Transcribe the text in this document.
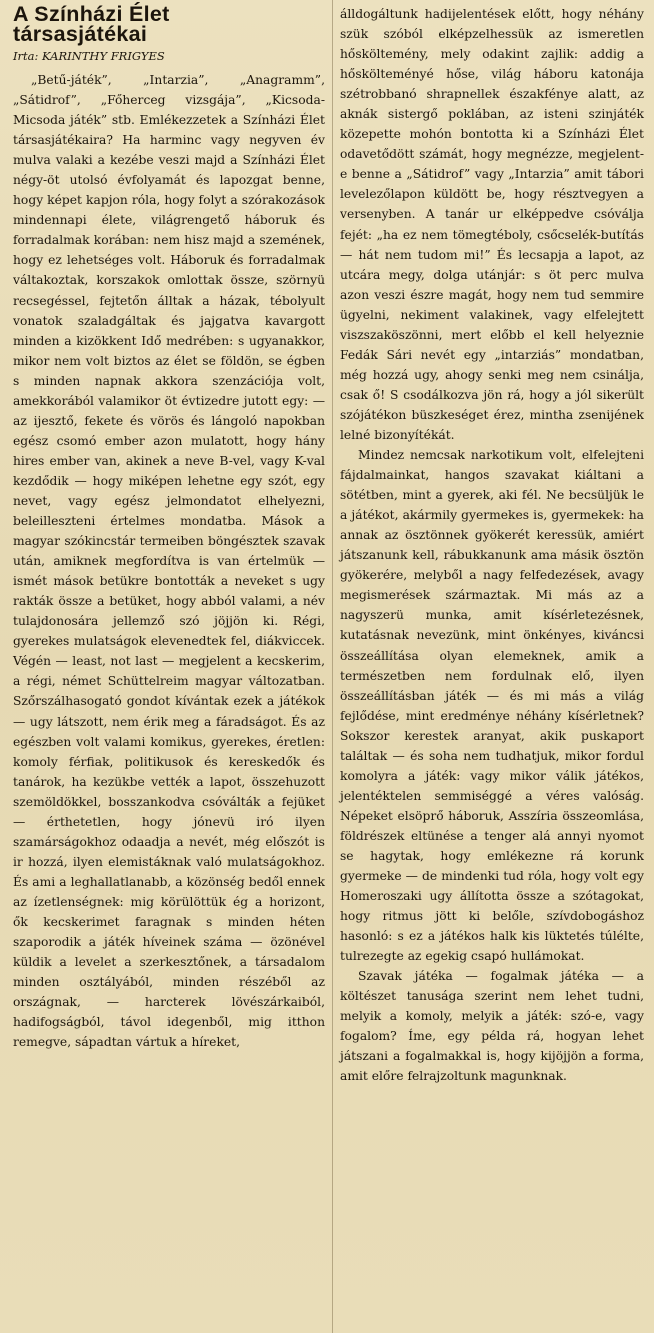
A Színházi Élet
társasjátékai
Irta: KARINTHY FRIGYES

„Betű-játék”, „Intarzia”, „Anagramm”, „Sátidrof”, „Főherceg vizsgája”, „Kicsoda-Micsoda játék” stb. Emlékezzetek a Színházi Élet társasjátékaira? Ha harminc vagy negyven év mulva valaki a kezébe veszi majd a Színházi Élet négy-öt utolsó évfolyamát és lapozgat benne, hogy képet kapjon róla, hogy folyt a szórakozások mindennapi élete, világrengető háboruk és forradalmak korában: nem hisz majd a szemének, hogy ez lehetséges volt. Háboruk és forradalmak váltakoztak, korszakok omlottak össze, szörnyü recsegéssel, fejtetőn álltak a házak, tébolyult vonatok szaladgáltak és jajgatva kavargott minden a kizökkent Idő medrében: s ugyanakkor, mikor nem volt biztos az élet se földön, se égben s minden napnak akkora szenzációja volt, amekkorából valamikor öt évtizedre jutott egy: — az ijesztő, fekete és vörös és lángoló napokban egész csomó ember azon mulatott, hogy hány hires ember van, akinek a neve B-vel, vagy K-val kezdődik — hogy miképen lehetne egy szót, egy nevet, vagy egész jelmondatot elhelyezni, beleilleszteni értelmes mondatba. Mások a magyar szókincstár termeiben böngésztek szavak után, amiknek megfordítva is van értelmük — ismét mások betükre bontották a neveket s ugy rakták össze a betüket, hogy abból valami, a név tulajdonosára jellemző szó jöjjön ki. Régi, gyerekes mulatságok elevenedtek fel, diákviccek. Végén — least, not last — megjelent a kecskerim, a régi, német Schüttelreim magyar változatban. Szőrszálhasogató gondot kívántak ezek a játékok — ugy látszott, nem érik meg a fáradságot. És az egészben volt valami komikus, gyerekes, éretlen: komoly férfiak, politikusok és kereskedők és tanárok, ha kezükbe vették a lapot, összehuzott szemöldökkel, bosszankodva csóválták a fejüket — érthetetlen, hogy jónevü iró ilyen szamárságokhoz odaadja a nevét, még előszót is ir hozzá, ilyen elemistáknak való mulatságokhoz. És ami a leghallatlanabb, a közönség bedől ennek az ízetlenségnek: mig körülöttük ég a horizont, ők kecskerimet faragnak s minden héten szaporodik a játék híveinek száma — özönével küldik a levelet a szerkesztőnek, a társadalom minden osztályából, minden részéből az országnak, — harcterek lövészárkaiból, hadifogságból, távol idegenből, mig itthon remegve, sápadtan vártuk a híreket,

álldogáltunk hadijelentések előtt, hogy néhány szük szóból elképzelhessük az ismeretlen hősköltemény, mely odakint zajlik: addig a hőskölteményé hőse, világ háboru katonája szétrobbanó shrapnellek északfénye alatt, az aknák sistergő poklában, az isteni szinjáték közepette mohón bontotta ki a Színházi Élet odavetődött számát, hogy megnézze, megjelent-e benne a „Sátidrof” vagy „Intarzia” amit tábori levelezőlapon küldött be, hogy résztvegyen a versenyben. A tanár ur elképpedve csóválja fejét: „ha ez nem tömegtéboly, csőcselék-butítás — hát nem tudom mi!” És lecsapja a lapot, az utcára megy, dolga utánjár: s öt perc mulva azon veszi észre magát, hogy nem tud semmire ügyelni, nekiment valakinek, vagy elfelejtett viszszaköszönni, mert előbb el kell helyeznie Fedák Sári nevét egy „intarziás” mondatban, még hozzá ugy, ahogy senki meg nem csinálja, csak ő! S csodálkozva jön rá, hogy a jól sikerült szójátékon büszkeséget érez, mintha zsenijének lelné bizonyítékát.

Mindez nemcsak narkotikum volt, elfelejteni fájdalmainkat, hangos szavakat kiáltani a sötétben, mint a gyerek, aki fél. Ne becsüljük le a játékot, akármily gyermekes is, gyermekek: ha annak az ösztönnek gyökerét keressük, amiért játszanunk kell, rábukkanunk ama másik ösztön gyökerére, melyből a nagy felfedezések, avagy megismerések származtak. Mi más az a nagyszerü munka, amit kísérletezésnek, kutatásnak nevezünk, mint önkényes, kiváncsi összeállítása olyan elemeknek, amik a természetben nem fordulnak elő, ilyen összeállításban játék — és mi más a világ fejlődése, mint eredménye néhány kísérletnek? Sokszor kerestek aranyat, akik puskaport találtak — és soha nem tudhatjuk, mikor fordul komolyra a játék: vagy mikor válik játékos, jelentéktelen semmiséggé a véres valóság. Népeket elsöprő háboruk, Asszíria összeomlása, földrészek eltünése a tenger alá annyi nyomot se hagytak, hogy emlékezne rá korunk gyermeke — de mindenki tud róla, hogy volt egy Homeroszaki ugy állította össze a szótagokat, hogy ritmus jött ki belőle, szívdobogáshoz hasonló: s ez a játékos halk kis lüktetés túlélte, tulrezegte az egekig csapó hullámokat.

Szavak játéka — fogalmak játéka — a költészet tanusága szerint nem lehet tudni, melyik a komoly, melyik a játék: szó-e, vagy fogalom? Íme, egy példa rá, hogyan lehet játszani a fogalmakkal is, hogy kijöjjön a forma, amit előre felrajzoltunk magunknak.
